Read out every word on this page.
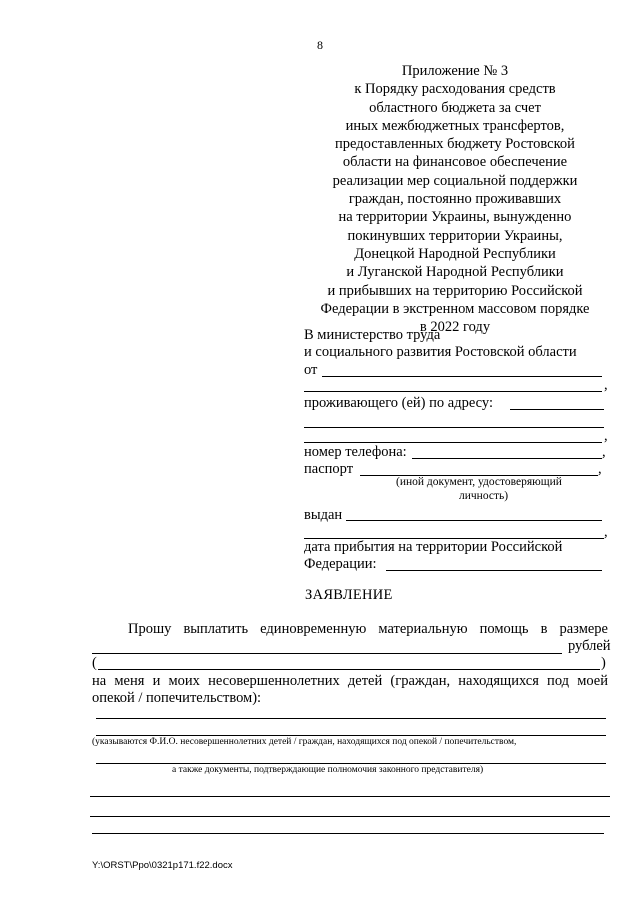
8
Приложение № 3
к Порядку расходования средств
областного бюджета за счет
иных межбюджетных трансфертов,
предоставленных бюджету Ростовской
области на финансовое обеспечение
реализации мер социальной поддержки
граждан, постоянно проживавших
на территории Украины, вынужденно
покинувших территории Украины,
Донецкой Народной Республики
и Луганской Народной Республики
и прибывших на территорию Российской
Федерации в экстренном массовом порядке
в 2022 году
В министерство труда
и социального развития Ростовской области
от
,
проживающего (ей) по адресу:
,
номер телефона:	,
паспорт	,
(иной документ, удостоверяющий
личность)
выдан
,
дата прибытия на территории Российской
Федерации:
ЗАЯВЛЕНИЕ
Прошу выплатить единовременную материальную помощь в размере
рублей
(	)
на меня и моих несовершеннолетних детей (граждан, находящихся под моей
опекой / попечительством):
(указываются Ф.И.О. несовершеннолетних детей / граждан, находящихся под опекой / попечительством,
а также документы, подтверждающие полномочия законного представителя)
Y:\ORST\Ppo\0321p171.f22.docx
